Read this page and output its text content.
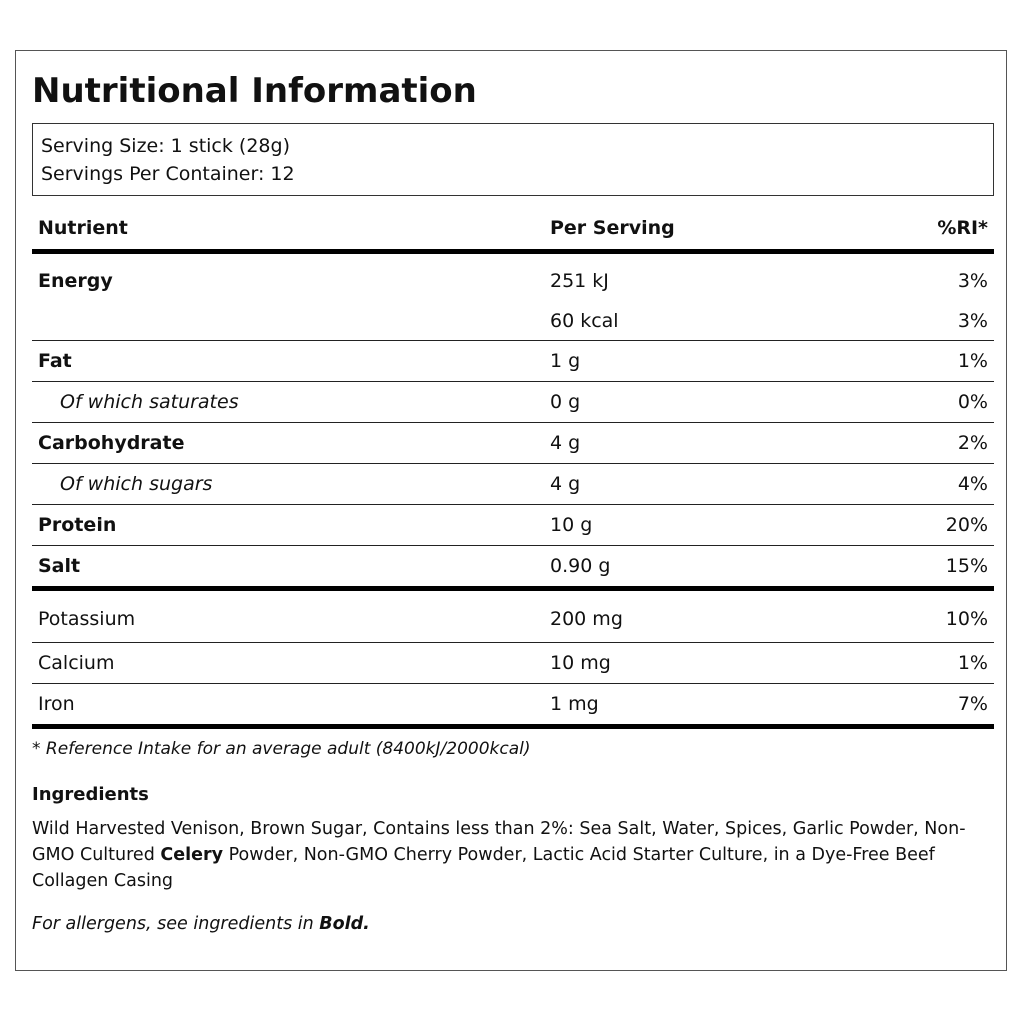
Nutritional Information
Serving Size: 1 stick (28g)
Servings Per Container: 12
Nutrient	Per Serving	%RI*
Energy	251 kJ	3%
	60 kcal	3%
Fat	1 g	1%
Of which saturates	0 g	0%
Carbohydrate	4 g	2%
Of which sugars	4 g	4%
Protein	10 g	20%
Salt	0.90 g	15%
Potassium	200 mg	10%
Calcium	10 mg	1%
Iron	1 mg	7%

* Reference Intake for an average adult (8400kJ/2000kcal)

Ingredients

Wild Harvested Venison, Brown Sugar, Contains less than 2%: Sea Salt, Water, Spices, Garlic Powder, Non-GMO Cultured Celery Powder, Non-GMO Cherry Powder, Lactic Acid Starter Culture, in a Dye-Free Beef Collagen Casing

For allergens, see ingredients in Bold.
